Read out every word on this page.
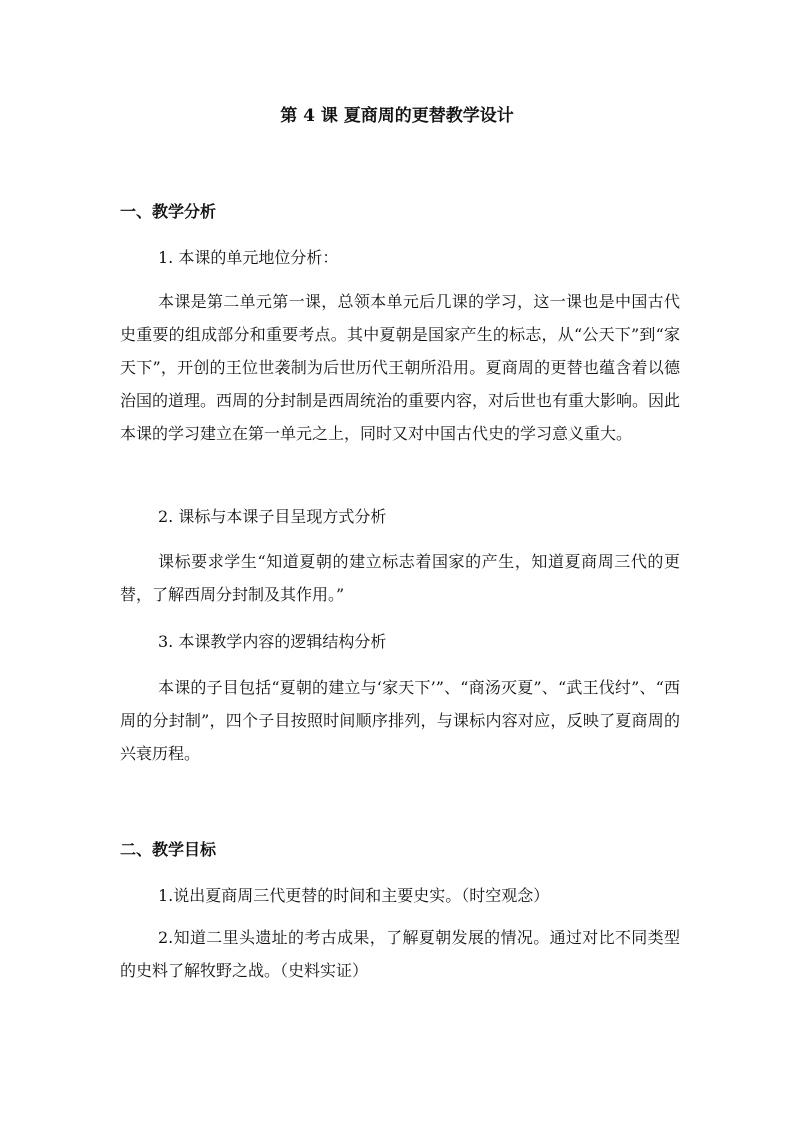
第 4 课 夏商周的更替教学设计
一、教学分析
1. 本课的单元地位分析：
本课是第二单元第一课，总领本单元后几课的学习，这一课也是中国古代史重要的组成部分和重要考点。其中夏朝是国家产生的标志，从“公天下”到“家天下”，开创的王位世袭制为后世历代王朝所沿用。夏商周的更替也蕴含着以德治国的道理。西周的分封制是西周统治的重要内容，对后世也有重大影响。因此本课的学习建立在第一单元之上，同时又对中国古代史的学习意义重大。
2. 课标与本课子目呈现方式分析
课标要求学生“知道夏朝的建立标志着国家的产生，知道夏商周三代的更替，了解西周分封制及其作用。”
3. 本课教学内容的逻辑结构分析
本课的子目包括“夏朝的建立与‘家天下’”、“商汤灭夏”、“武王伐纣”、“西周的分封制”，四个子目按照时间顺序排列，与课标内容对应，反映了夏商周的兴衰历程。
二、教学目标
1.说出夏商周三代更替的时间和主要史实。（时空观念）
2.知道二里头遗址的考古成果，了解夏朝发展的情况。通过对比不同类型的史料了解牧野之战。（史料实证）
